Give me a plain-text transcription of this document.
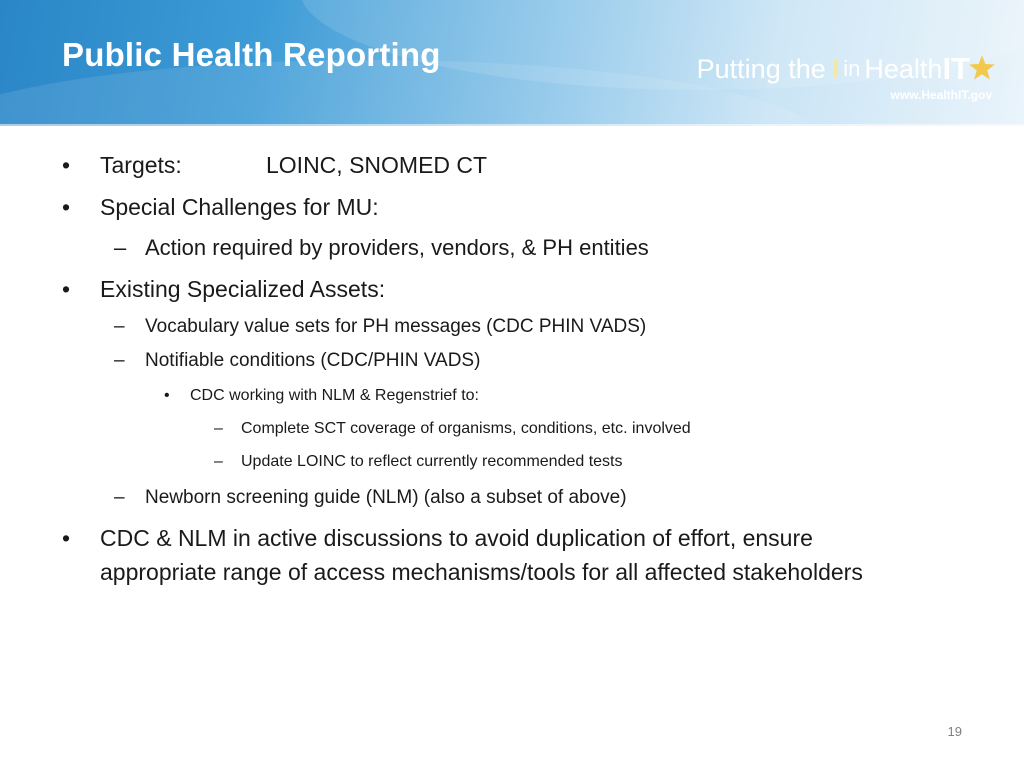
Public Health Reporting	Putting the I in Health IT
www.HealthIT.gov
• Targets:	LOINC, SNOMED CT
• Special Challenges for MU:
– Action required by providers, vendors, & PH entities
• Existing Specialized Assets:
– Vocabulary value sets for PH messages (CDC PHIN VADS)
– Notifiable conditions (CDC/PHIN VADS)
• CDC working with NLM & Regenstrief to:
– Complete SCT coverage of organisms, conditions, etc. involved
– Update LOINC to reflect currently recommended tests
– Newborn screening guide (NLM) (also a subset of above)
• CDC & NLM in active discussions to avoid duplication of effort, ensure
appropriate range of access mechanisms/tools for all affected stakeholders
19
